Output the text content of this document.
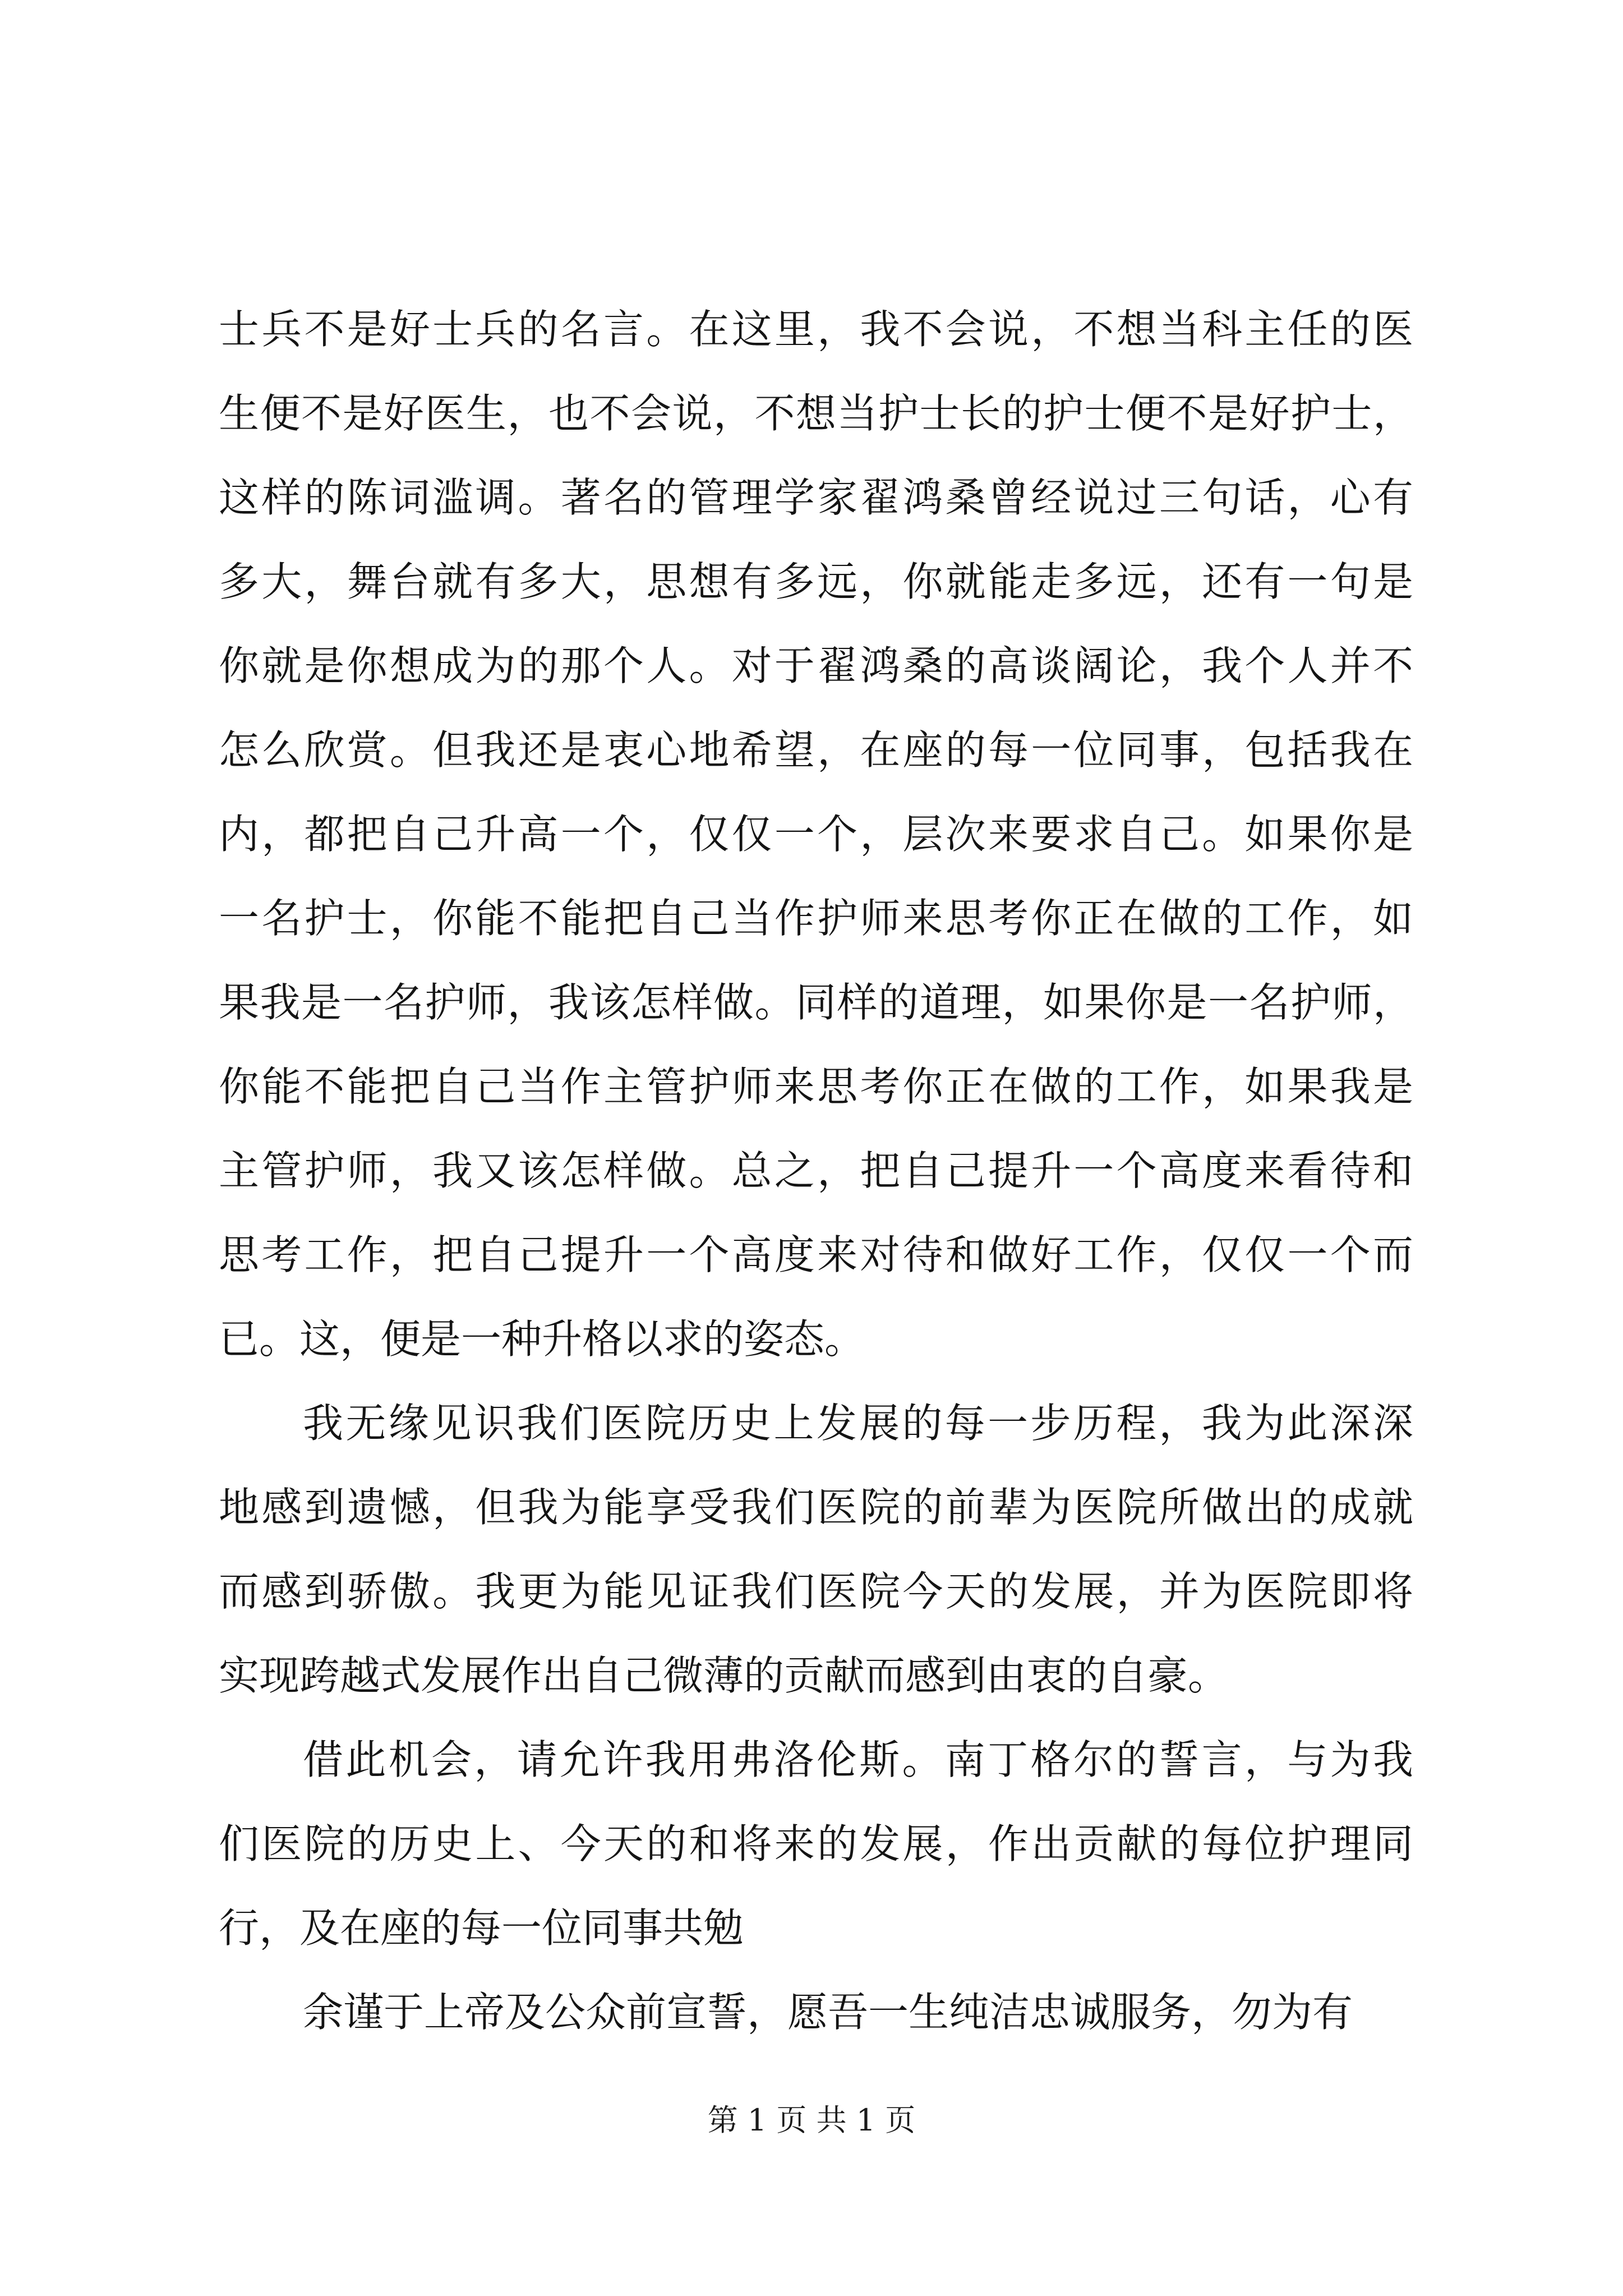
士兵不是好士兵的名言。在这里，我不会说，不想当科主任的医
生便不是好医生，也不会说，不想当护士长的护士便不是好护士，
这样的陈词滥调。著名的管理学家翟鸿桑曾经说过三句话，心有
多大，舞台就有多大，思想有多远，你就能走多远，还有一句是
你就是你想成为的那个人。对于翟鸿桑的高谈阔论，我个人并不
怎么欣赏。但我还是衷心地希望，在座的每一位同事，包括我在
内，都把自己升高一个，仅仅一个，层次来要求自己。如果你是
一名护士，你能不能把自己当作护师来思考你正在做的工作，如
果我是一名护师，我该怎样做。同样的道理，如果你是一名护师，
你能不能把自己当作主管护师来思考你正在做的工作，如果我是
主管护师，我又该怎样做。总之，把自己提升一个高度来看待和
思考工作，把自己提升一个高度来对待和做好工作，仅仅一个而
已。这，便是一种升格以求的姿态。
我无缘见识我们医院历史上发展的每一步历程，我为此深深
地感到遗憾，但我为能享受我们医院的前辈为医院所做出的成就
而感到骄傲。我更为能见证我们医院今天的发展，并为医院即将
实现跨越式发展作出自己微薄的贡献而感到由衷的自豪。
借此机会，请允许我用弗洛伦斯。南丁格尔的誓言，与为我
们医院的历史上、今天的和将来的发展，作出贡献的每位护理同
行，及在座的每一位同事共勉
余谨于上帝及公众前宣誓，愿吾一生纯洁忠诚服务，勿为有
第 1 页 共 1 页
